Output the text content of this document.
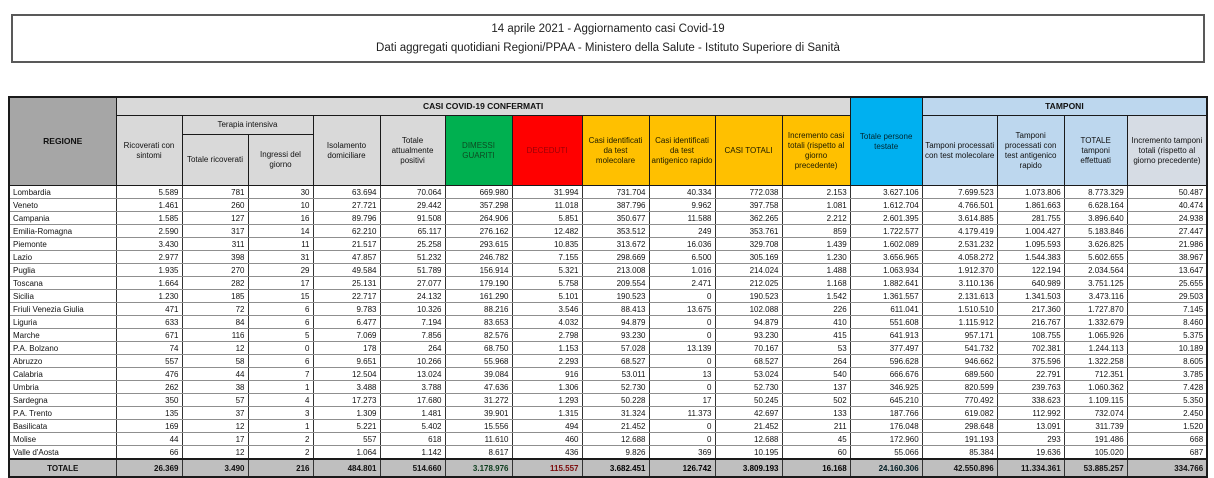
14 aprile 2021 - Aggiornamento casi Covid-19
Dati aggregati quotidiani Regioni/PPAA - Ministero della Salute - Istituto Superiore di Sanità
REGIONE	CASI COVID-19 CONFERMATI											Totale persone testate	TAMPONI			
	Ricoverati con sintomi	Terapia intensiva		Isolamento domiciliare	Totale attualmente positivi	DIMESSI GUARITI	DECEDUTI	Casi identificati da test molecolare	Casi identificati da test antigenico rapido	CASI TOTALI	Incremento casi totali (rispetto al giorno precedente)		Tamponi processati con test molecolare	Tamponi processati con test antigenico rapido	TOTALE tamponi effettuati	Incremento tamponi totali (rispetto al giorno precedente)
		Totale ricoverati	Ingressi del giorno													
Lombardia	5.589	781	30	63.694	70.064	669.980	31.994	731.704	40.334	772.038	2.153	3.627.106	7.699.523	1.073.806	8.773.329	50.487
Veneto	1.461	260	10	27.721	29.442	357.298	11.018	387.796	9.962	397.758	1.081	1.612.704	4.766.501	1.861.663	6.628.164	40.474
Campania	1.585	127	16	89.796	91.508	264.906	5.851	350.677	11.588	362.265	2.212	2.601.395	3.614.885	281.755	3.896.640	24.938
Emilia-Romagna	2.590	317	14	62.210	65.117	276.162	12.482	353.512	249	353.761	859	1.722.577	4.179.419	1.004.427	5.183.846	27.447
Piemonte	3.430	311	11	21.517	25.258	293.615	10.835	313.672	16.036	329.708	1.439	1.602.089	2.531.232	1.095.593	3.626.825	21.986
Lazio	2.977	398	31	47.857	51.232	246.782	7.155	298.669	6.500	305.169	1.230	3.656.965	4.058.272	1.544.383	5.602.655	38.967
Puglia	1.935	270	29	49.584	51.789	156.914	5.321	213.008	1.016	214.024	1.488	1.063.934	1.912.370	122.194	2.034.564	13.647
Toscana	1.664	282	17	25.131	27.077	179.190	5.758	209.554	2.471	212.025	1.168	1.882.641	3.110.136	640.989	3.751.125	25.655
Sicilia	1.230	185	15	22.717	24.132	161.290	5.101	190.523	0	190.523	1.542	1.361.557	2.131.613	1.341.503	3.473.116	29.503
Friuli Venezia Giulia	471	72	6	9.783	10.326	88.216	3.546	88.413	13.675	102.088	226	611.041	1.510.510	217.360	1.727.870	7.145
Liguria	633	84	6	6.477	7.194	83.653	4.032	94.879	0	94.879	410	551.608	1.115.912	216.767	1.332.679	8.460
Marche	671	116	5	7.069	7.856	82.576	2.798	93.230	0	93.230	415	641.913	957.171	108.755	1.065.926	5.375
P.A. Bolzano	74	12	0	178	264	68.750	1.153	57.028	13.139	70.167	53	377.497	541.732	702.381	1.244.113	10.189
Abruzzo	557	58	6	9.651	10.266	55.968	2.293	68.527	0	68.527	264	596.628	946.662	375.596	1.322.258	8.605
Calabria	476	44	7	12.504	13.024	39.084	916	53.011	13	53.024	540	666.676	689.560	22.791	712.351	3.785
Umbria	262	38	1	3.488	3.788	47.636	1.306	52.730	0	52.730	137	346.925	820.599	239.763	1.060.362	7.428
Sardegna	350	57	4	17.273	17.680	31.272	1.293	50.228	17	50.245	502	645.210	770.492	338.623	1.109.115	5.350
P.A. Trento	135	37	3	1.309	1.481	39.901	1.315	31.324	11.373	42.697	133	187.766	619.082	112.992	732.074	2.450
Basilicata	169	12	1	5.221	5.402	15.556	494	21.452	0	21.452	211	176.048	298.648	13.091	311.739	1.520
Molise	44	17	2	557	618	11.610	460	12.688	0	12.688	45	172.960	191.193	293	191.486	668
Valle d'Aosta	66	12	2	1.064	1.142	8.617	436	9.826	369	10.195	60	55.066	85.384	19.636	105.020	687
TOTALE	26.369	3.490	216	484.801	514.660	3.178.976	115.557	3.682.451	126.742	3.809.193	16.168	24.160.306	42.550.896	11.334.361	53.885.257	334.766
